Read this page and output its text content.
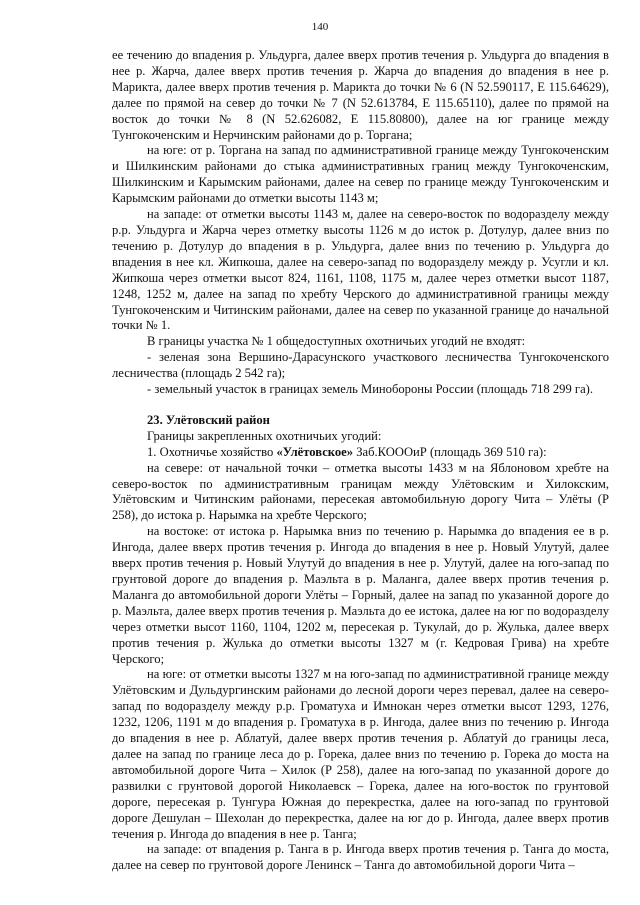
140

ее течению до впадения р. Ульдурга, далее вверх против течения р. Ульдурга до впадения в нее р. Жарча, далее вверх против течения р. Жарча до впадения до впадения в нее р. Марикта, далее вверх против течения р. Марикта до точки № 6 (N 52.590117, Е 115.64629), далее по прямой на север до точки № 7 (N 52.613784, Е 115.65110), далее по прямой на восток до точки № 8 (N 52.626082, Е 115.80800), далее на юг границе между Тунгокоченским и Нерчинским районами до р. Торгана;

на юге: от р. Торгана на запад по административной границе между Тунгокоченским и Шилкинским районами до стыка административных границ между Тунгокоченским, Шилкинским и Карымским районами, далее на север по границе между Тунгокоченским и Карымским районами до отметки высоты 1143 м;

на западе: от отметки высоты 1143 м, далее на северо-восток по водоразделу между р.р. Ульдурга и Жарча через отметку высоты 1126 м до исток р. Дотулур, далее вниз по течению р. Дотулур до впадения в р. Ульдурга, далее вниз по течению р. Ульдурга до впадения в нее кл. Жипкоша, далее на северо-запад по водоразделу между р. Усугли и кл. Жипкоша через отметки высот 824, 1161, 1108, 1175 м, далее через отметки высот 1187, 1248, 1252 м, далее на запад по хребту Черского до административной границы между Тунгокоченским и Читинским районами, далее на север по указанной границе до начальной точки № 1.

В границы участка № 1 общедоступных охотничьих угодий не входят:

- зеленая зона Вершино-Дарасунского участкового лесничества Тунгокоченского лесничества (площадь 2 542 га);

- земельный участок в границах земель Минобороны России (площадь 718 299 га).

23. Улётовский район

Границы закрепленных охотничьих угодий:

1. Охотничье хозяйство «Улётовское» Заб.КОООиР (площадь 369 510 га):

на севере: от начальной точки – отметка высоты 1433 м на Яблоновом хребте на северо-восток по административным границам между Улётовским и Хилокским, Улётовским и Читинским районами, пересекая автомобильную дорогу Чита – Улёты (Р 258), до истока р. Нарымка на хребте Черского;

на востоке: от истока р. Нарымка вниз по течению р. Нарымка до впадения ее в р. Ингода, далее вверх против течения р. Ингода до впадения в нее р. Новый Улутуй, далее вверх против течения р. Новый Улутуй до впадения в нее р. Улутуй, далее на юго-запад по грунтовой дороге до впадения р. Маэльта в р. Маланга, далее вверх против течения р. Маланга до автомобильной дороги Улёты – Горный, далее на запад по указанной дороге до р. Маэльта, далее вверх против течения р. Маэльта до ее истока, далее на юг по водоразделу через отметки высот 1160, 1104, 1202 м, пересекая р. Тукулай, до р. Жулька, далее вверх против течения р. Жулька до отметки высоты 1327 м (г. Кедровая Грива) на хребте Черского;

на юге: от отметки высоты 1327 м на юго-запад по административной границе между Улётовским и Дульдургинским районами до лесной дороги через перевал, далее на северо-запад по водоразделу между р.р. Громатуха и Имнокан через отметки высот 1293, 1276, 1232, 1206, 1191 м до впадения р. Громатуха в р. Ингода, далее вниз по течению р. Ингода до впадения в нее р. Аблатуй, далее вверх против течения р. Аблатуй до границы леса, далее на запад по границе леса до р. Горека, далее вниз по течению р. Горека до моста на автомобильной дороге Чита – Хилок (Р 258), далее на юго-запад по указанной дороге до развилки с грунтовой дорогой Николаевск – Горека, далее на юго-восток по грунтовой дороге, пересекая р. Тунгура Южная до перекрестка, далее на юго-запад по грунтовой дороге Дешулан – Шехолан до перекрестка, далее на юг до р. Ингода, далее вверх против течения р. Ингода до впадения в нее р. Танга;

на западе: от впадения р. Танга в р. Ингода вверх против течения р. Танга до моста, далее на север по грунтовой дороге Ленинск – Танга до автомобильной дороги Чита –
